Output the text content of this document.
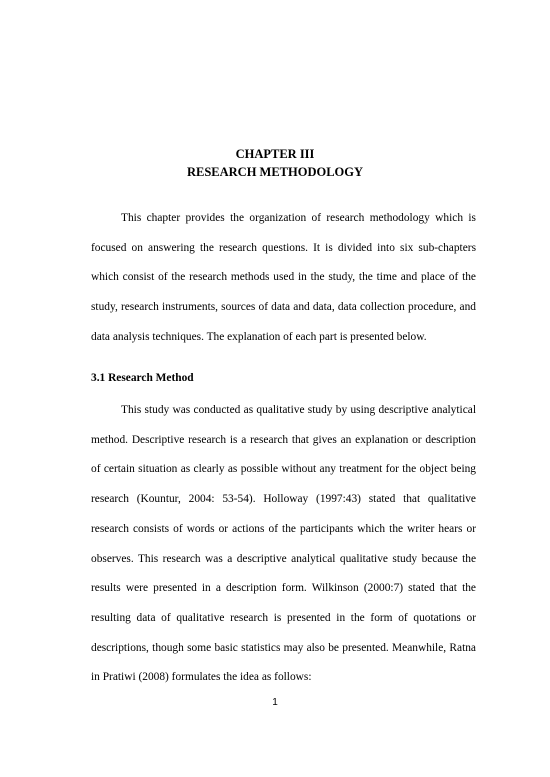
CHAPTER III
RESEARCH METHODOLOGY

This chapter provides the organization of research methodology which is focused on answering the research questions. It is divided into six sub-chapters which consist of the research methods used in the study, the time and place of the study, research instruments, sources of data and data, data collection procedure, and data analysis techniques. The explanation of each part is presented below.

3.1 Research Method

This study was conducted as qualitative study by using descriptive analytical method. Descriptive research is a research that gives an explanation or description of certain situation as clearly as possible without any treatment for the object being research (Kountur, 2004: 53-54). Holloway (1997:43) stated that qualitative research consists of words or actions of the participants which the writer hears or observes. This research was a descriptive analytical qualitative study because the results were presented in a description form. Wilkinson (2000:7) stated that the resulting data of qualitative research is presented in the form of quotations or descriptions, though some basic statistics may also be presented. Meanwhile, Ratna in Pratiwi (2008) formulates the idea as follows:

1
